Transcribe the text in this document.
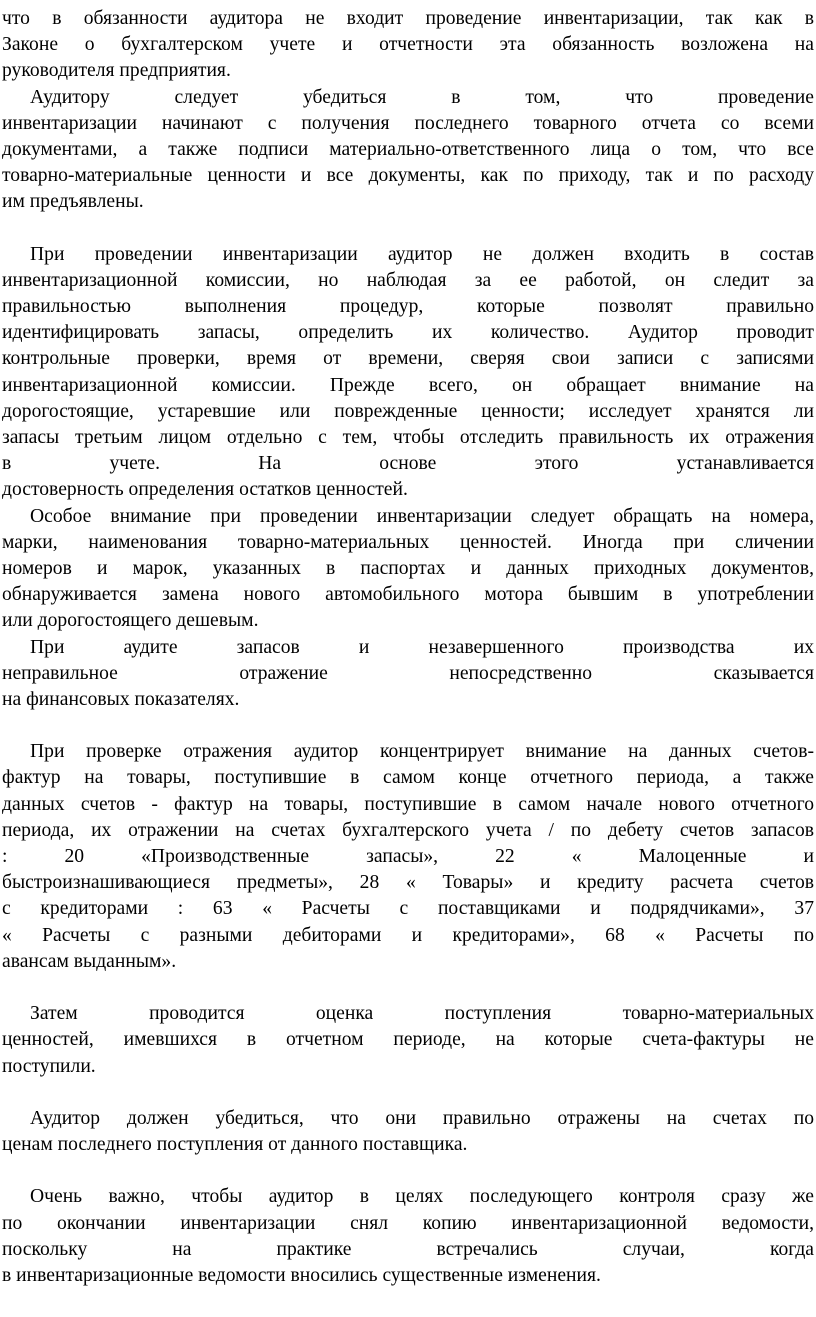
что в обязанности аудитора не входит проведение инвентаризации, так как в
Законе о бухгалтерском учете и отчетности эта обязанность возложена на
руководителя предприятия.
Аудитору следует убедиться в том, что проведение
инвентаризации начинают с получения последнего товарного отчета со всеми
документами, а также подписи материально-ответственного лица о том, что все
товарно-материальные ценности и все документы, как по приходу, так и по расходу
им предъявлены.
При проведении инвентаризации аудитор не должен входить в состав
инвентаризационной комиссии, но наблюдая за ее работой, он следит за
правильностью выполнения процедур, которые позволят правильно
идентифицировать запасы, определить их количество. Аудитор проводит
контрольные проверки, время от времени, сверяя свои записи с записями
инвентаризационной комиссии. Прежде всего, он обращает внимание на
дорогостоящие, устаревшие или поврежденные ценности; исследует хранятся ли
запасы третьим лицом отдельно с тем, чтобы отследить правильность их отражения
в учете. На основе этого устанавливается
достоверность определения остатков ценностей.
Особое внимание при проведении инвентаризации следует обращать на номера,
марки, наименования товарно-материальных ценностей. Иногда при сличении
номеров и марок, указанных в паспортах и данных приходных документов,
обнаруживается замена нового автомобильного мотора бывшим в употреблении
или дорогостоящего дешевым.
При аудите запасов и незавершенного производства их
неправильное отражение непосредственно сказывается
на финансовых показателях.
При проверке отражения аудитор концентрирует внимание на данных счетов-
фактур на товары, поступившие в самом конце отчетного периода, а также
данных счетов - фактур на товары, поступившие в самом начале нового отчетного
периода, их отражении на счетах бухгалтерского учета / по дебету счетов запасов
: 20 «Производственные запасы», 22 « Малоценные и
быстроизнашивающиеся предметы», 28 « Товары» и кредиту расчета счетов
с кредиторами : 63 « Расчеты с поставщиками и подрядчиками», 37
« Расчеты с разными дебиторами и кредиторами», 68 « Расчеты по
авансам выданным».
Затем проводится оценка поступления товарно-материальных
ценностей, имевшихся в отчетном периоде, на которые счета-фактуры не
поступили.
Аудитор должен убедиться, что они правильно отражены на счетах по
ценам последнего поступления от данного поставщика.
Очень важно, чтобы аудитор в целях последующего контроля сразу же
по окончании инвентаризации снял копию инвентаризационной ведомости,
поскольку на практике встречались случаи, когда
в инвентаризационные ведомости вносились существенные изменения.
